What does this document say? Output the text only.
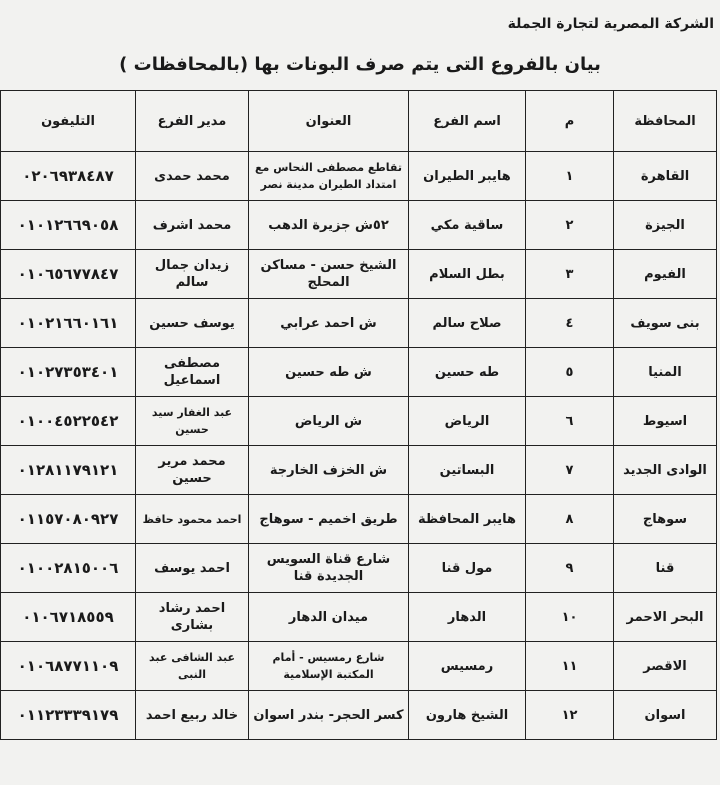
الشركة المصرية لتجارة الجملة
بيان بالفروع التى يتم صرف البونات بها (بالمحافظات )
المحافظة	م	اسم الفرع	العنوان	مدير الفرع	التليفون
القاهرة	١	هايبر الطيران	تقاطع مصطفى النحاس مع امتداد الطيران مدينة نصر	محمد حمدى	٠٢٠٦٩٣٨٤٨٧
الجيزة	٢	ساقية مكي	٥٢ش جزيرة الدهب	محمد اشرف	٠١٠١٢٦٦٩٠٥٨
الفيوم	٣	بطل السلام	الشيخ حسن - مساكن المحلج	زيدان جمال سالم	٠١٠٦٥٦٧٧٨٤٧
بنى سويف	٤	صلاح سالم	ش احمد عرابي	يوسف حسين	٠١٠٢١٦٦٠١٦١
المنيا	٥	طه حسين	ش طه حسين	مصطفى اسماعيل	٠١٠٢٧٣٥٣٤٠١
اسيوط	٦	الرياض	ش الرياض	عبد الغفار سيد حسين	٠١٠٠٤٥٢٢٥٤٢
الوادى الجديد	٧	البساتين	ش الخزف الخارجة	محمد مرير حسين	٠١٢٨١١٧٩١٢١
سوهاج	٨	هايبر المحافظة	طريق اخميم - سوهاج	احمد محمود حافظ	٠١١٥٧٠٨٠٩٢٧
قنا	٩	مول قنا	شارع قناة السويس الجديدة قنا	احمد يوسف	٠١٠٠٢٨١٥٠٠٦
البحر الاحمر	١٠	الدهار	ميدان الدهار	احمد رشاد بشارى	٠١٠٦٧١٨٥٥٩
الاقصر	١١	رمسيس	شارع رمسيس - أمام المكتبة الإسلامية	عبد الشافى عبد النبى	٠١٠٦٨٧٧١١٠٩
اسوان	١٢	الشيخ هارون	كسر الحجر- بندر اسوان	خالد ربيع احمد	٠١١٢٣٣٣٩١٧٩
